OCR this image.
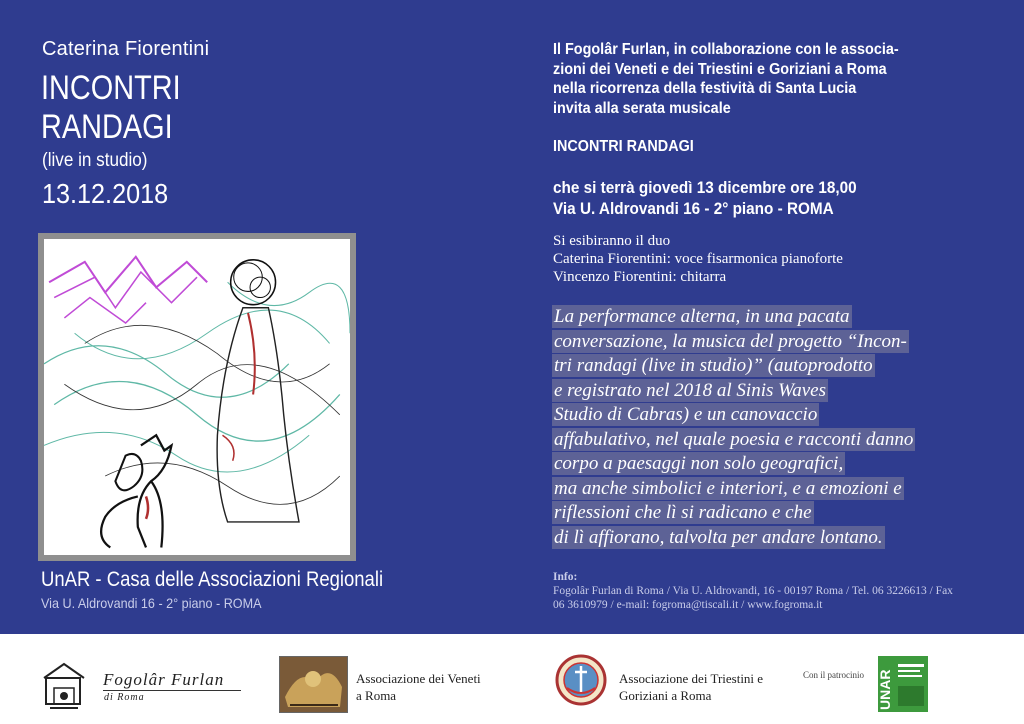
Caterina Fiorentini
INCONTRI
RANDAGI
(live in studio)
13.12.2018
UnAR - Casa delle Associazioni Regionali
Via U. Aldrovandi 16 - 2° piano - ROMA
Il Fogolâr Furlan, in collaborazione con le associa-
zioni dei Veneti e dei Triestini e Goriziani a Roma
nella ricorrenza della festività di Santa Lucia
invita alla serata musicale
INCONTRI RANDAGI
che si terrà giovedì 13 dicembre ore 18,00
Via U. Aldrovandi 16 - 2° piano - ROMA
Si esibiranno il duo
Caterina Fiorentini: voce fisarmonica pianoforte
Vincenzo Fiorentini: chitarra
La performance alterna, in una pacata
conversazione, la musica del progetto “Incon-
tri randagi (live in studio)” (autoprodotto
e registrato nel 2018 al Sinis Waves
Studio di Cabras) e un canovaccio
affabulativo, nel quale poesia e racconti danno
corpo a paesaggi non solo geografici,
ma anche simbolici e interiori, e a emozioni e
riflessioni che lì si radicano e che
di lì affiorano, talvolta per andare lontano.
Info:
Fogolâr Furlan di Roma / Via U. Aldrovandi, 16 - 00197 Roma / Tel. 06 3226613 / Fax
06 3610979 / e-mail: fogroma@tiscali.it / www.fogroma.it
Fogolâr Furlan
di Roma
Associazione dei Veneti
a Roma
Associazione dei Triestini e
Goriziani a Roma
Con il patrocinio UNAR
